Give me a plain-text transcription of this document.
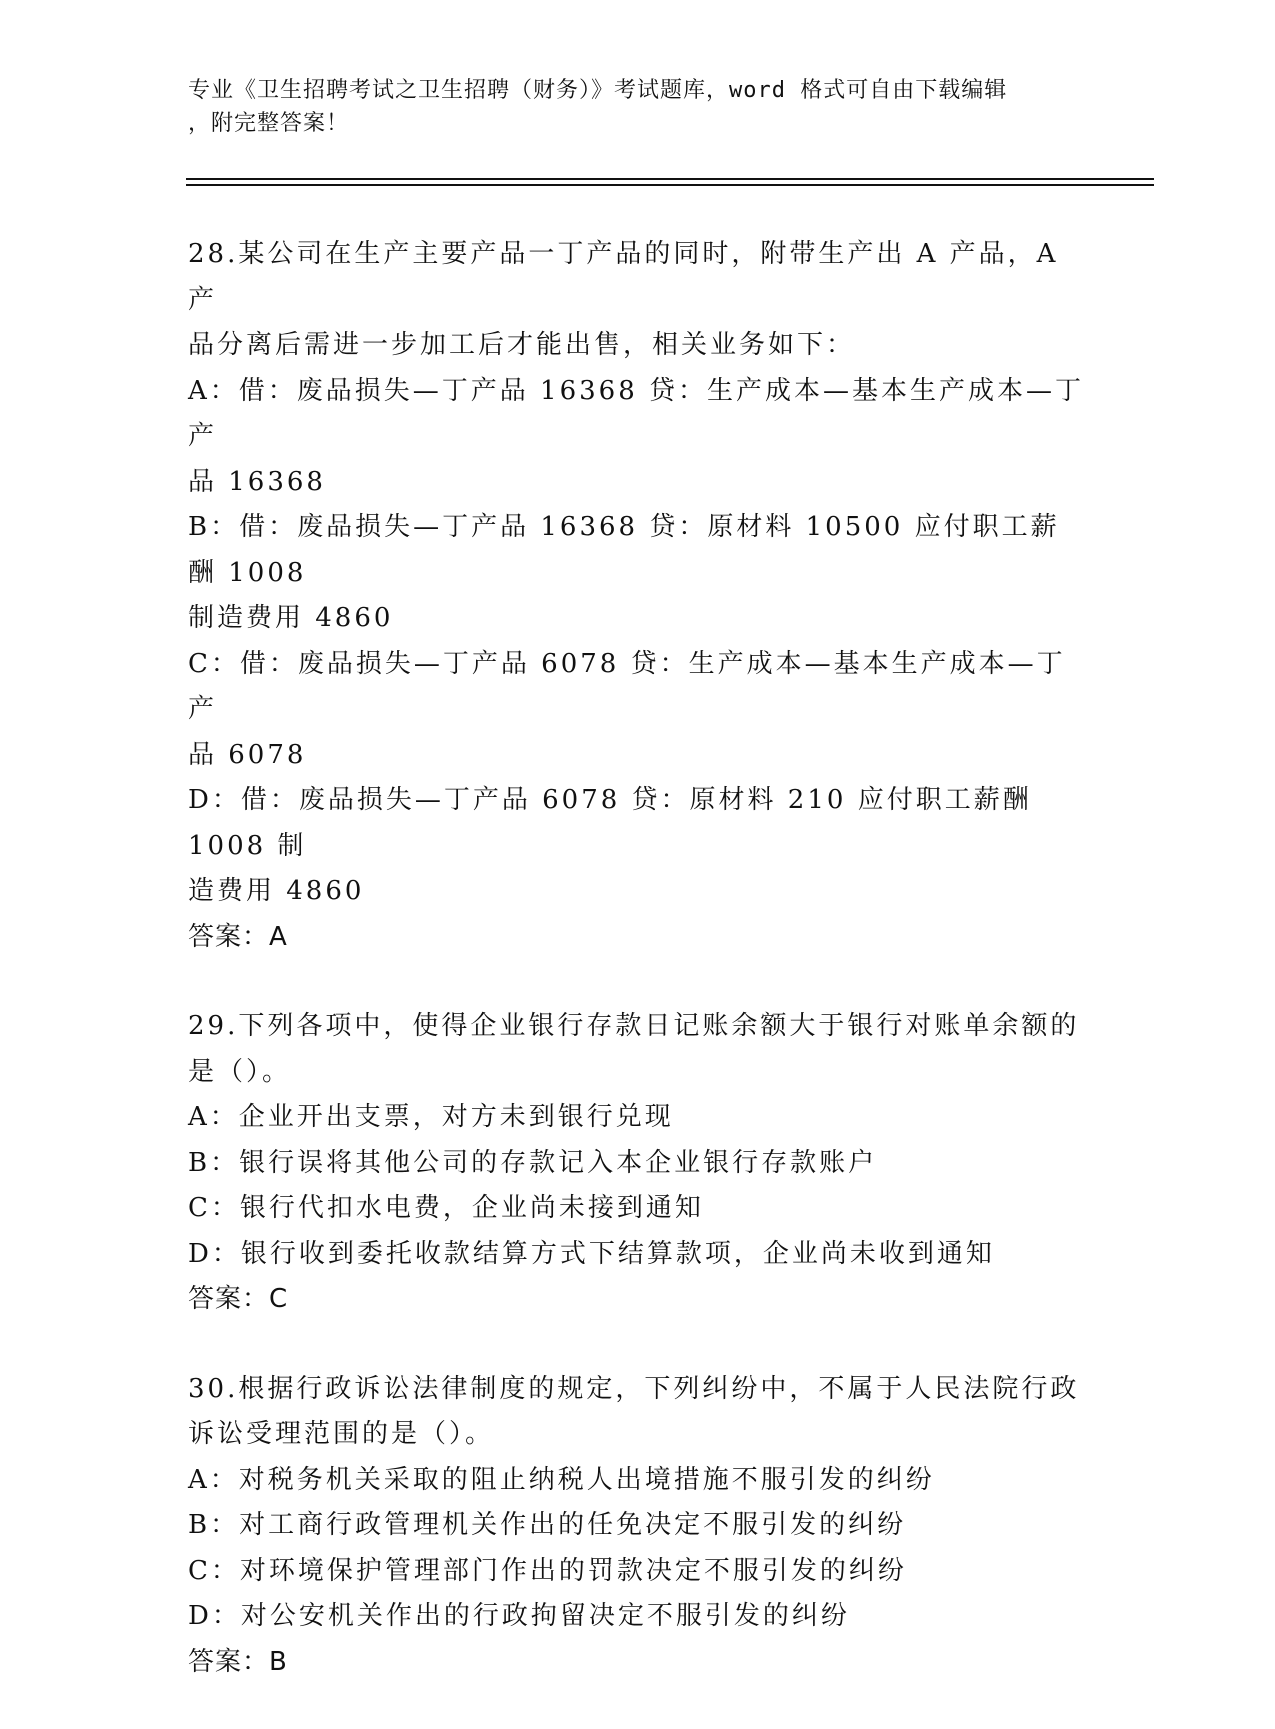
专业《卫生招聘考试之卫生招聘（财务）》考试题库，word 格式可自由下载编辑
，附完整答案！
28.某公司在生产主要产品一丁产品的同时，附带生产出 A 产品，A 产
品分离后需进一步加工后才能出售，相关业务如下：
A：借：废品损失—丁产品 16368 贷：生产成本—基本生产成本—丁产
品 16368
B：借：废品损失—丁产品 16368 贷：原材料 10500 应付职工薪酬 1008
制造费用 4860
C：借：废品损失—丁产品 6078 贷：生产成本—基本生产成本—丁产
品 6078
D：借：废品损失—丁产品 6078 贷：原材料 210 应付职工薪酬 1008 制
造费用 4860
答案：A
29.下列各项中，使得企业银行存款日记账余额大于银行对账单余额的
是（）。
A：企业开出支票，对方未到银行兑现
B：银行误将其他公司的存款记入本企业银行存款账户
C：银行代扣水电费，企业尚未接到通知
D：银行收到委托收款结算方式下结算款项，企业尚未收到通知
答案：C
30.根据行政诉讼法律制度的规定，下列纠纷中，不属于人民法院行政
诉讼受理范围的是（）。
A：对税务机关采取的阻止纳税人出境措施不服引发的纠纷
B：对工商行政管理机关作出的任免决定不服引发的纠纷
C：对环境保护管理部门作出的罚款决定不服引发的纠纷
D：对公安机关作出的行政拘留决定不服引发的纠纷
答案：B
